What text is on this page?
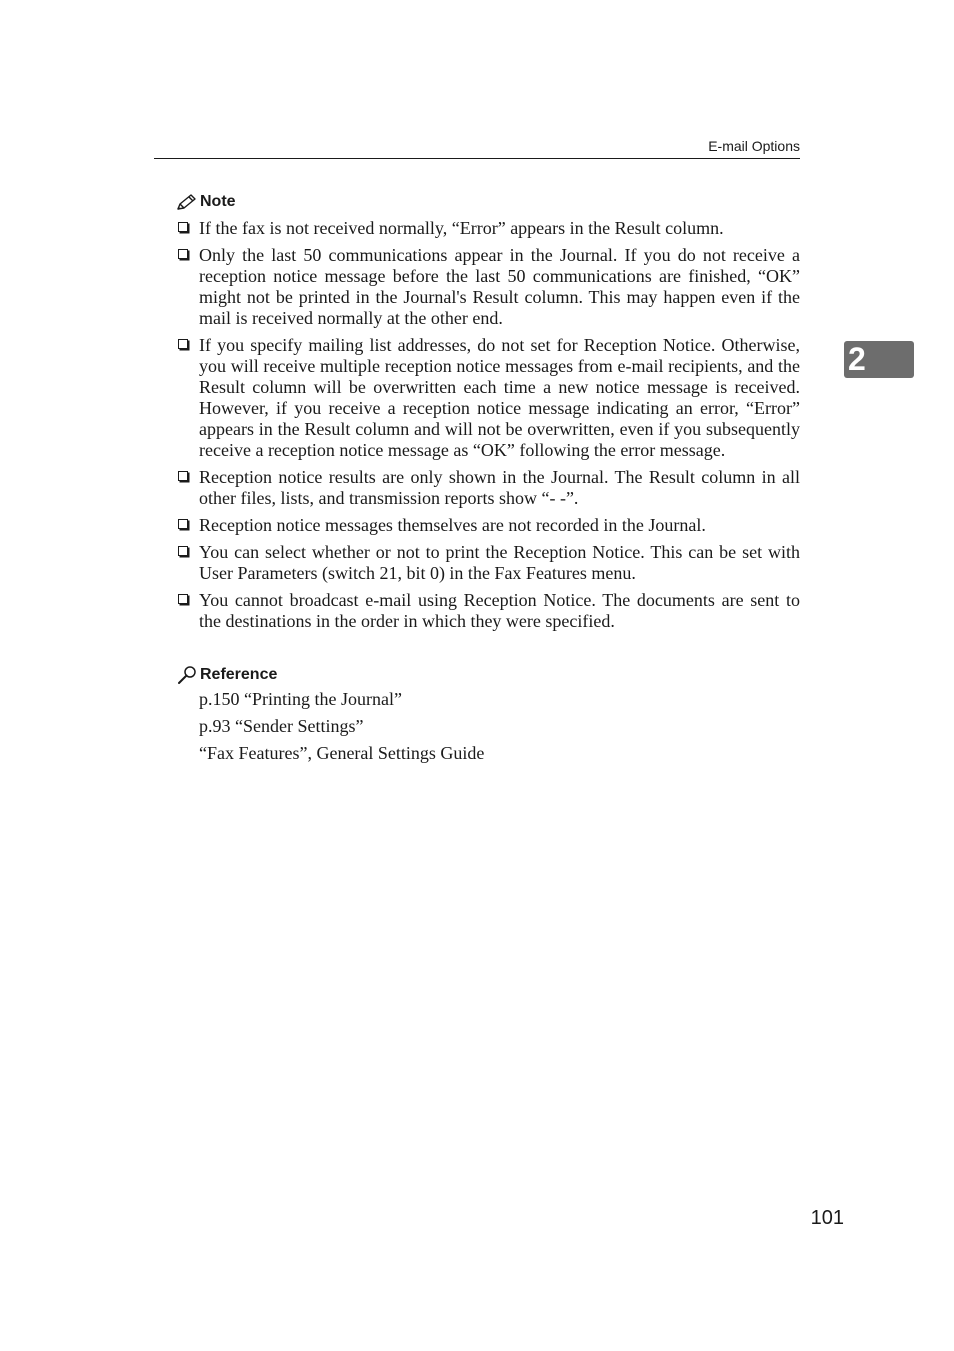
E-mail Options
2
Note
If the fax is not received normally, “Error” appears in the Result column.
Only the last 50 communications appear in the Journal. If you do not receive a reception notice message before the last 50 communications are finished, “OK” might not be printed in the Journal's Result column. This may happen even if the mail is received normally at the other end.
If you specify mailing list addresses, do not set for Reception Notice. Otherwise, you will receive multiple reception notice messages from e-mail recipients, and the Result column will be overwritten each time a new notice message is received. However, if you receive a reception notice message indicating an error, “Error” appears in the Result column and will not be overwritten, even if you subsequently receive a reception notice message as “OK” following the error message.
Reception notice results are only shown in the Journal. The Result column in all other files, lists, and transmission reports show “- -”.
Reception notice messages themselves are not recorded in the Journal.
You can select whether or not to print the Reception Notice. This can be set with User Parameters (switch 21, bit 0) in the Fax Features menu.
You cannot broadcast e-mail using Reception Notice. The documents are sent to the destinations in the order in which they were specified.
Reference
p.150 “Printing the Journal”
p.93 “Sender Settings”
“Fax Features”, General Settings Guide
101
